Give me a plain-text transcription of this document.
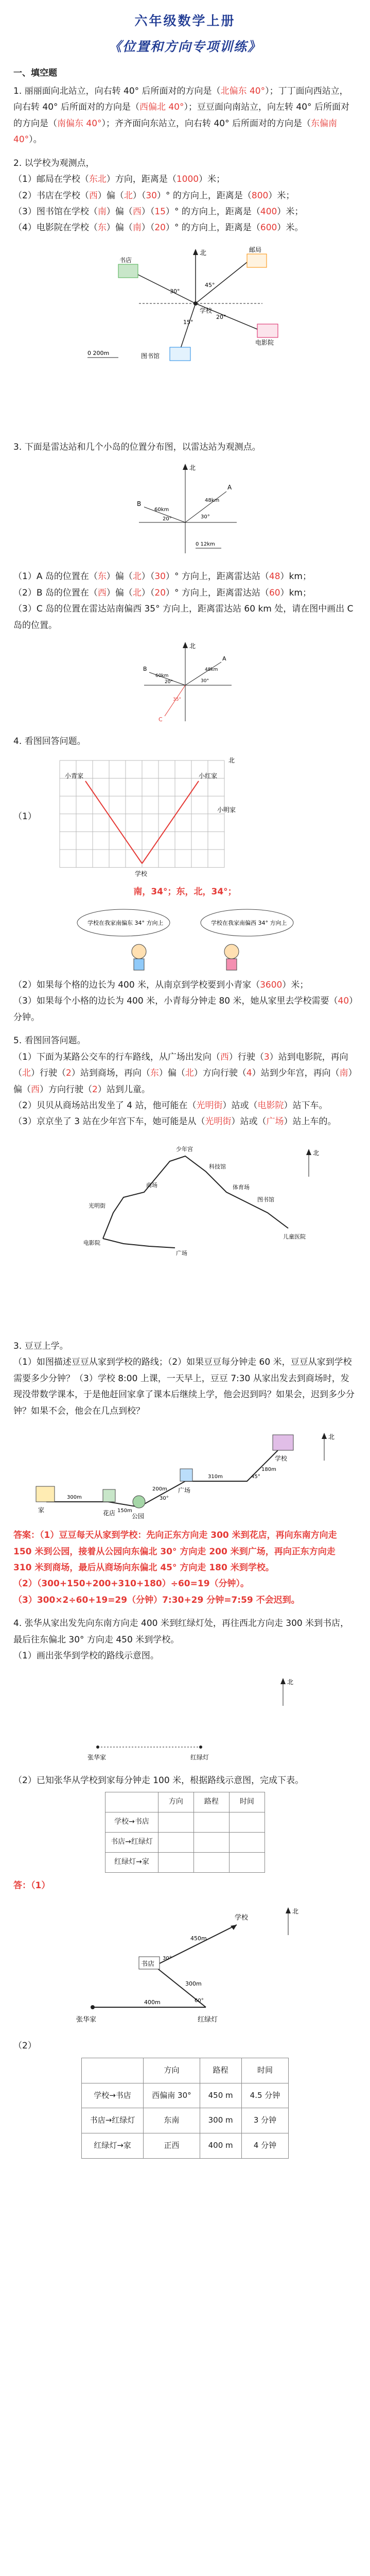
六年级数学上册
《位置和方向专项训练》
一、填空题

1. 丽丽面向北站立，向右转 40° 后所面对的方向是（北偏东 40°）；丁丁面向西站立，向右转 40° 后所面对的方向是（西偏北 40°）；豆豆面向南站立，向左转 40° 后所面对的方向是（南偏东 40°）；齐齐面向东站立，向右转 40° 后所面对的方向是（东偏南 40°）。

2. 以学校为观测点，

（1）邮局在学校（东北）方向，距离是（1000）米；

（2）书店在学校（西）偏（北）（30）° 的方向上，距离是（800）米；

（3）图书馆在学校（南）偏（西）（15）° 的方向上，距离是（400）米；

（4）电影院在学校（东）偏（南）（20）° 的方向上，距离是（600）米。

北
书店
邮局
图书馆
电影院
学校
30°
45°
15°
20°
0 200m

3. 下面是雷达站和几个小岛的位置分布图，以雷达站为观测点。

北
A
B
30°
20°
48km
60km
0 12km

（1）A 岛的位置在（东）偏（北）（30）° 方向上，距离雷达站（48）km；

（2）B 岛的位置在（西）偏（北）（20）° 方向上，距离雷达站（60）km；

（3）C 岛的位置在雷达站南偏西 35° 方向上，距离雷达站 60 km 处，请在图中画出 C 岛的位置。

北
A
B
C
30°
20°
35°
48km
60km

4. 看图回答问题。

（1）
学校
小青家	小红家
小明家
北

南，34°；东，北，34°；

学校在我家南偏东 34° 方向上	学校在我家南偏西 34° 方向上

（2）如果每个格的边长为 400 米，从南京到学校要到小青家（3600）米；

（3）如果每个小格的边长为 400 米，小青每分钟走 80 米，她从家里去学校需要（40）分钟。

5. 看图回答问题。

（1）下面为某路公交车的行车路线，从广场出发向（西）行驶（3）站到电影院，再向（北）行驶（2）站到商场，再向（东）偏（北）方向行驶（4）站到少年宫，再向（南）偏（西）方向行驶（2）站到儿童。

（2）贝贝从商场站出发坐了 4 站，他可能在（光明街）站或（电影院）站下车。

（3）京京坐了 3 站在少年宫下车，她可能是从（光明街）站或（广场）站上车的。

北
少年宫
科技馆
体育场
图书馆
商场
光明街
电影院
广场
儿童医院

3. 豆豆上学。

（1）如图描述豆豆从家到学校的路线；（2）如果豆豆每分钟走 60 米，豆豆从家到学校需要多少分钟？（3）学校 8:00 上课，一天早上，豆豆 7:30 从家出发去到商场时，发现没带数学课本，于是他赶回家拿了课本后继续上学，他会迟到吗？如果会，迟到多少分钟？如果不会，他会在几点到校？

家	花店	公园
广场
学校
300m
150m
200m
310m
180m
30°
45°
北

答案：（1）豆豆每天从家到学校：先向正东方向走 300 米到花店，再向东南方向走 150 米到公园，接着从公园向东偏北 30° 方向走 200 米到广场，再向正东方向走 310 米到商场，最后从商场向东偏北 45° 方向走 180 米到学校。

（2）（300+150+200+310+180）÷60=19（分钟）。

（3）300×2÷60+19=29（分钟）7:30+29 分钟=7:59 不会迟到。

4. 张华从家出发先向东南方向走 400 米到红绿灯处，再往西北方向走 300 米到书店，最后往东偏北 30° 方向走 450 米到学校。

（1）画出张华到学校的路线示意图。

北
张华家	红绿灯

（2）已知张华从学校到家每分钟走 100 米，根据路线示意图，完成下表。

	方向	路程	时间
学校→书店			
书店→红绿灯			
红绿灯→家			

答：（1）

北
张华家	红绿灯
书店
学校
450m
300m
400m
30°
60°

（2）

	方向	路程	时间
学校→书店	西偏南 30°	450 m	4.5 分钟
书店→红绿灯	东南	300 m	3 分钟
红绿灯→家	正西	400 m	4 分钟
